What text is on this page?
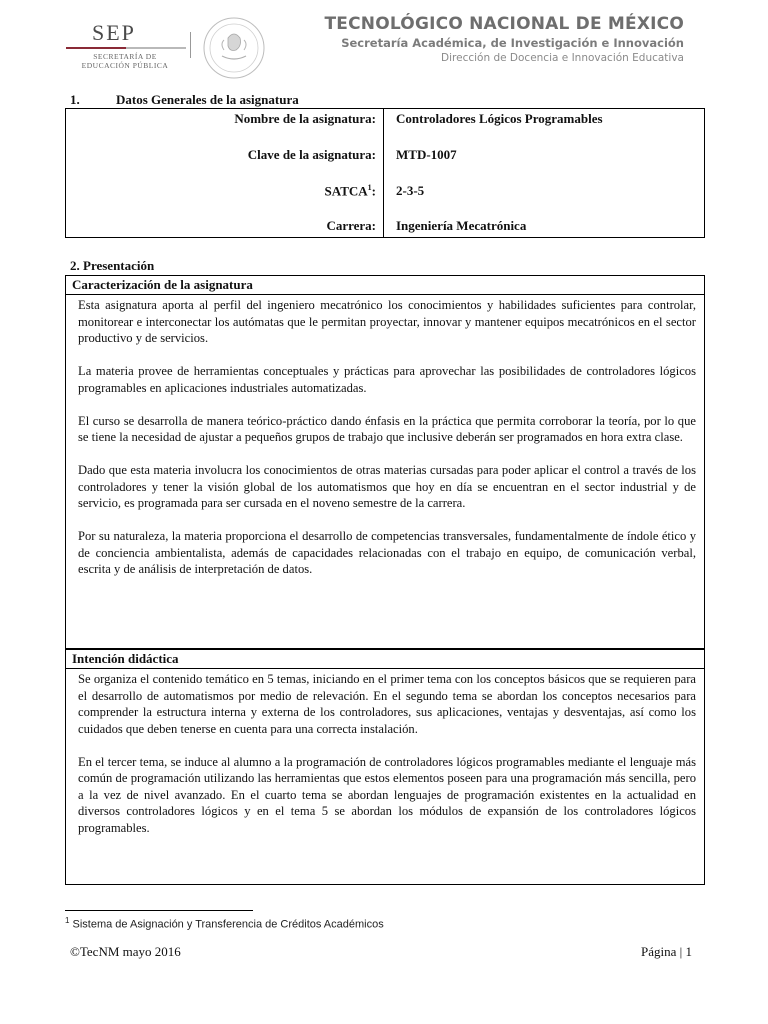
SEP
SECRETARÍA DE
EDUCACIÓN PÚBLICA
TECNOLÓGICO NACIONAL DE MÉXICO
Secretaría Académica, de Investigación e Innovación
Dirección de Docencia e Innovación Educativa
1.	Datos Generales de la asignatura
Nombre de la asignatura: Controladores Lógicos Programables
Clave de la asignatura: MTD-1007
SATCA$^1$: 2-3-5
Carrera: Ingeniería Mecatrónica
2. Presentación
Caracterización de la asignatura

Esta asignatura aporta al perfil del ingeniero mecatrónico los conocimientos y habilidades suficientes para controlar, monitorear e interconectar los autómatas que le permitan proyectar, innovar y mantener equipos mecatrónicos en el sector productivo y de servicios.

La materia provee de herramientas conceptuales y prácticas para aprovechar las posibilidades de controladores lógicos programables en aplicaciones industriales automatizadas.

El curso se desarrolla de manera teórico-práctico dando énfasis en la práctica que permita corroborar la teoría, por lo que se tiene la necesidad de ajustar a pequeños grupos de trabajo que inclusive deberán ser programados en hora extra clase.

Dado que esta materia involucra los conocimientos de otras materias cursadas para poder aplicar el control a través de los controladores y tener la visión global de los automatismos que hoy en día se encuentran en el sector industrial y de servicio, es programada para ser cursada en el noveno semestre de la carrera.

Por su naturaleza, la materia proporciona el desarrollo de competencias transversales, fundamentalmente de índole ético y de conciencia ambientalista, además de capacidades relacionadas con el trabajo en equipo, de comunicación verbal, escrita y de análisis de interpretación de datos.

Intención didáctica

Se organiza el contenido temático en 5 temas, iniciando en el primer tema con los conceptos básicos que se requieren para el desarrollo de automatismos por medio de relevación. En el segundo tema se abordan los conceptos necesarios para comprender la estructura interna y externa de los controladores, sus aplicaciones, ventajas y desventajas, así como los cuidados que deben tenerse en cuenta para una correcta instalación.

En el tercer tema, se induce al alumno a la programación de controladores lógicos programables mediante el lenguaje más común de programación utilizando las herramientas que estos elementos poseen para una programación más sencilla, pero a la vez de nivel avanzado. En el cuarto tema se abordan lenguajes de programación existentes en la actualidad en diversos controladores lógicos y en el tema 5 se abordan los módulos de expansión de los controladores lógicos programables.

$^1$ Sistema de Asignación y Transferencia de Créditos Académicos
©TecNM mayo 2016	Página | 1
